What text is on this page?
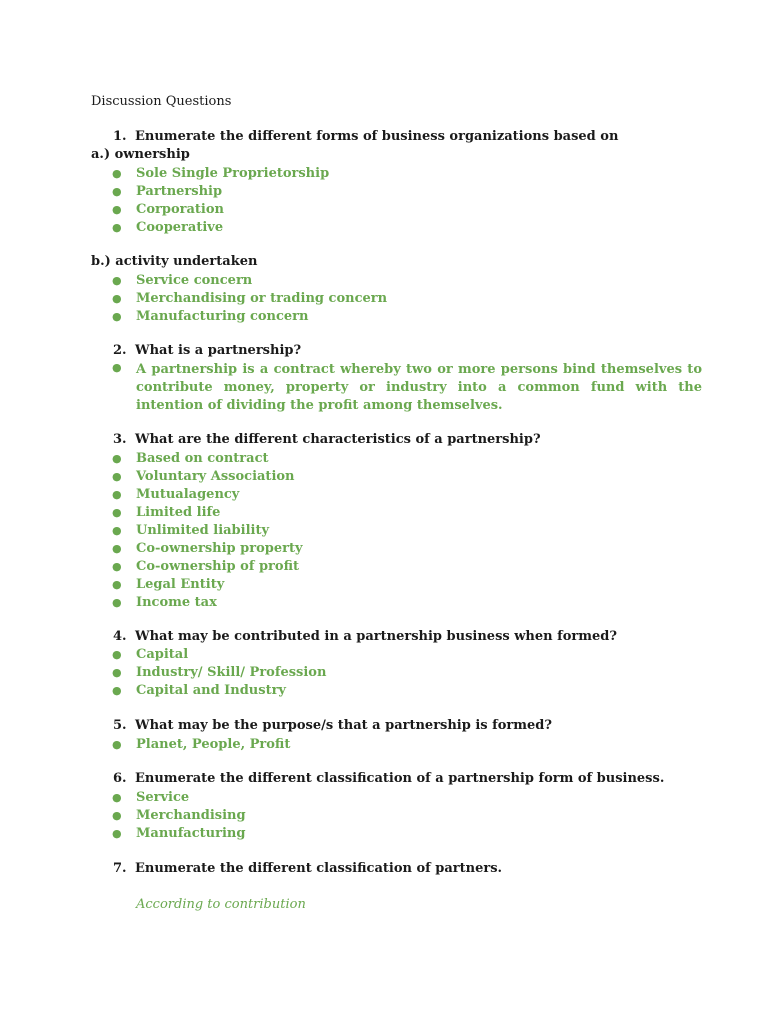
Discussion Questions
1. Enumerate the different forms of business organizations based on
a.) ownership
● Sole Single Proprietorship
● Partnership
● Corporation
● Cooperative
b.) activity undertaken
● Service concern
● Merchandising or trading concern
● Manufacturing concern
2. What is a partnership?
● A partnership is a contract whereby two or more persons bind themselves to contribute money, property or industry into a common fund with the intention of dividing the profit among themselves.
3. What are the different characteristics of a partnership?
● Based on contract
● Voluntary Association
● Mutualagency
● Limited life
● Unlimited liability
● Co-ownership property
● Co-ownership of profit
● Legal Entity
● Income tax
4. What may be contributed in a partnership business when formed?
● Capital
● Industry/ Skill/ Profession
● Capital and Industry
5. What may be the purpose/s that a partnership is formed?
● Planet, People, Profit
6. Enumerate the different classification of a partnership form of business.
● Service
● Merchandising
● Manufacturing
7. Enumerate the different classification of partners.
According to contribution
